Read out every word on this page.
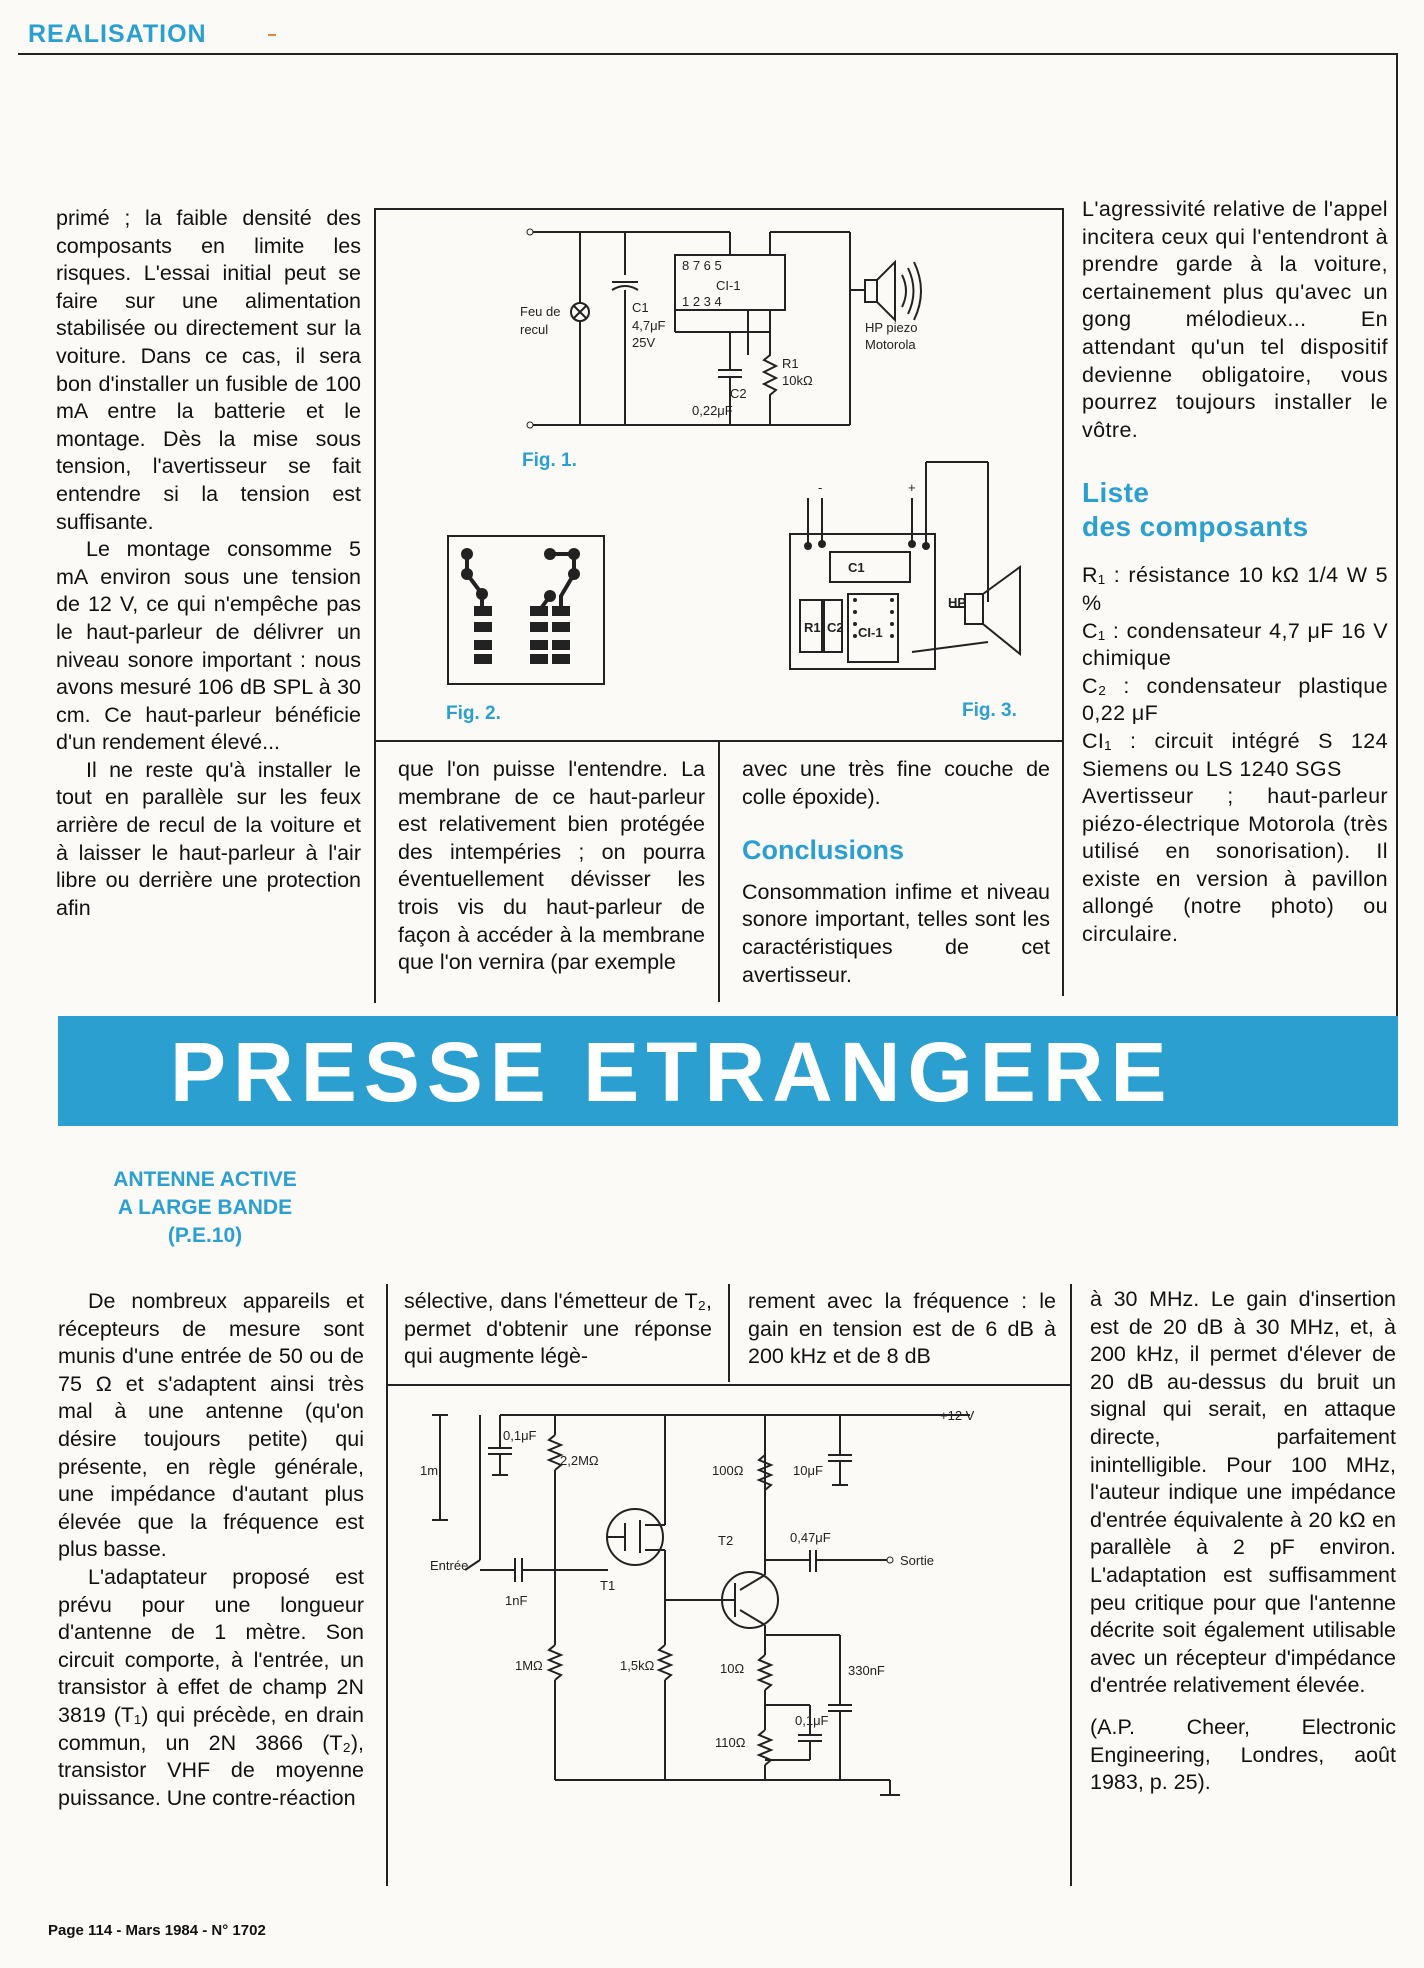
REALISATION

primé ; la faible densité des composants en limite les risques. L'essai initial peut se faire sur une alimentation stabilisée ou directement sur la voiture. Dans ce cas, il sera bon d'installer un fusible de 100 mA entre la batterie et le montage. Dès la mise sous tension, l'avertisseur se fait entendre si la tension est suffisante.

Le montage consomme 5 mA environ sous une tension de 12 V, ce qui n'empêche pas le haut-parleur de délivrer un niveau sonore important : nous avons mesuré 106 dB SPL à 30 cm. Ce haut-parleur bénéficie d'un rendement élevé...

Il ne reste qu'à installer le tout en parallèle sur les feux arrière de recul de la voiture et à laisser le haut-parleur à l'air libre ou derrière une protection afin

que l'on puisse l'entendre. La membrane de ce haut-parleur est relativement bien protégée des intempéries ; on pourra éventuellement dévisser les trois vis du haut-parleur de façon à accéder à la membrane que l'on vernira (par exemple

avec une très fine couche de colle époxide).

Conclusions

Consommation infime et niveau sonore important, telles sont les caractéristiques de cet avertisseur.

L'agressivité relative de l'appel incitera ceux qui l'entendront à prendre garde à la voiture, certainement plus qu'avec un gong mélodieux... En attendant qu'un tel dispositif devienne obligatoire, vous pourrez toujours installer le vôtre.

Liste
des composants

R₁ : résistance 10 kΩ 1/4 W 5 %

C₁ : condensateur 4,7 μF 16 V chimique

C₂ : condensateur plastique 0,22 μF

CI₁ : circuit intégré S 124 Siemens ou LS 1240 SGS

Avertisseur ; haut-parleur piézo-électrique Motorola (très utilisé en sonorisation). Il existe en version à pavillon allongé (notre photo) ou circulaire.

Feu de
recul
C1
4,7μF
25V
CI-1
8 7 6 5
1 2 3 4
C2
0,22μF
R1
10kΩ
HP piezo
Motorola
Fig. 1.
Fig. 2.
-	+
C1
R1 C2 CI-1
HP
Fig. 3.
PRESSE ETRANGERE
ANTENNE ACTIVE
A LARGE BANDE
(P.E.10)

De nombreux appareils et récepteurs de mesure sont munis d'une entrée de 50 ou de 75 Ω et s'adaptent ainsi très mal à une antenne (qu'on désire toujours petite) qui présente, en règle générale, une impédance d'autant plus élevée que la fréquence est plus basse.

L'adaptateur proposé est prévu pour une longueur d'antenne de 1 mètre. Son circuit comporte, à l'entrée, un transistor à effet de champ 2N 3819 (T₁) qui précède, en drain commun, un 2N 3866 (T₂), transistor VHF de moyenne puissance. Une contre-réaction

sélective, dans l'émetteur de T₂, permet d'obtenir une réponse qui augmente légè-

rement avec la fréquence : le gain en tension est de 6 dB à 200 kHz et de 8 dB

à 30 MHz. Le gain d'insertion est de 20 dB à 30 MHz, et, à 200 kHz, il permet d'élever de 20 dB au-dessus du bruit un signal qui serait, en attaque directe, parfaitement inintelligible. Pour 100 MHz, l'auteur indique une impédance d'entrée équivalente à 20 kΩ en parallèle à 2 pF environ. L'adaptation est suffisamment peu critique pour que l'antenne décrite soit également utilisable avec un récepteur d'impédance d'entrée relativement élevée.

(A.P. Cheer, Electronic Engineering, Londres, août 1983, p. 25).

+12 V
1m
Entrée
0,1μF
2,2MΩ
1nF
T1
1MΩ	1,5kΩ
100Ω	10μF
T2	0,47μF
Sortie
10Ω	330nF
0,1μF
110Ω
Page 114 - Mars 1984 - N° 1702
